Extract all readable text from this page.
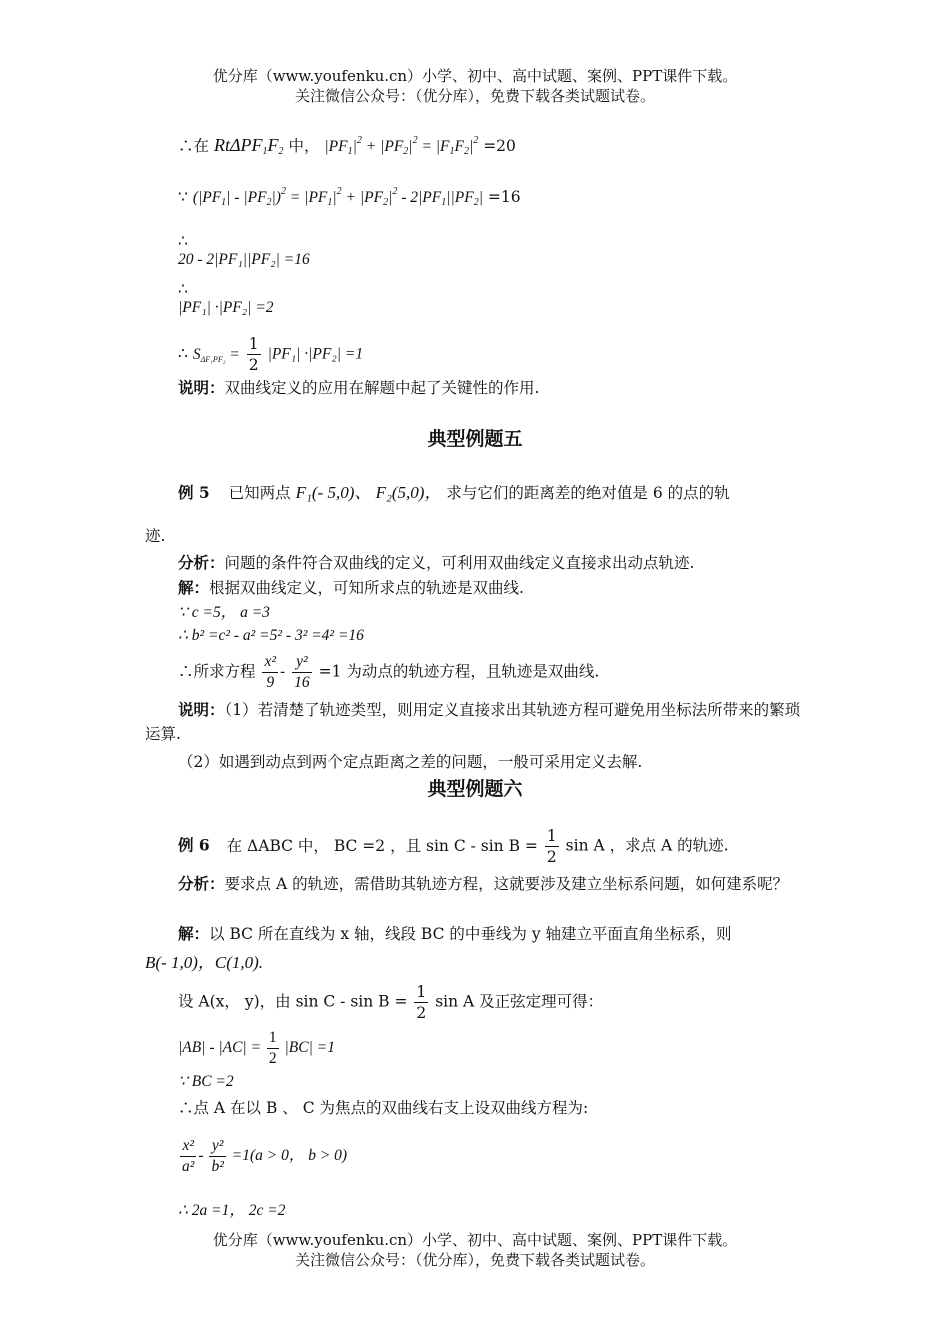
优分库（www.youfenku.cn）小学、初中、高中试题、案例、PPT课件下载。
关注微信公众号：（优分库），免费下载各类试题试卷。
∴在 $Rt\Delta PF_1F_2$ 中， $|PF_1|^2 + |PF_2|^2 = |F_1F_2|^2 =20$
∵ $(|PF_1| - |PF_2|)^2 = |PF_1|^2 + |PF_2|^2 - 2|PF_1||PF_2| =16$
∴
20 - 2|PF₁||PF₂| =16
∴
|PF₁| ·|PF₂| =2
∴ $S_{\Delta F_1PF_2} = \frac{1}{2} |PF_1| \cdot|PF_2| =1$
说明：双曲线定义的应用在解题中起了关键性的作用.
典型例题五
例 5 已知两点 F₁(- 5,0)、 F₂(5,0)， 求与它们的距离差的绝对值是 6 的点的轨
迹.
分析：问题的条件符合双曲线的定义，可利用双曲线定义直接求出动点轨迹.
解：根据双曲线定义，可知所求点的轨迹是双曲线.
∵ c =5， a =3
∴ b² =c² - a² =5² - 3² =4² =16
∴所求方程 $\frac{\text{x²}}{9} - \frac{\text{y²}}{16} =1$ 为动点的轨迹方程，且轨迹是双曲线.
说明：（1）若清楚了轨迹类型，则用定义直接求出其轨迹方程可避免用坐标法所带来的繁琐运算.
（2）如遇到动点到两个定点距离之差的问题，一般可采用定义去解.
典型例题六
例 6 在 ΔABC 中， BC =2 ，且 $\sin C - \sin B = \frac{1}{2}$ sin A ，求点 A 的轨迹.
分析：要求点 A 的轨迹，需借助其轨迹方程，这就要涉及建立坐标系问题，如何建系呢？
解：以 BC 所在直线为 x 轴，线段 BC 的中垂线为 y 轴建立平面直角坐标系，则
B(- 1,0)，C(1,0).
设 A(x， y)，由 $\sin C - \sin B = \frac{1}{2}$ sin A 及正弦定理可得：
$|AB| - |AC| = \frac{1}{2} |BC| =1$
∵ BC =2
∴点 A 在以 B 、 C 为焦点的双曲线右支上设双曲线方程为:
$\frac{\text{x²}}{\text{a²}} - \frac{\text{y²}}{\text{b²}} =1(a > 0$， b > 0)
∴ 2a =1， 2c =2
优分库（www.youfenku.cn）小学、初中、高中试题、案例、PPT课件下载。
关注微信公众号：（优分库），免费下载各类试题试卷。
